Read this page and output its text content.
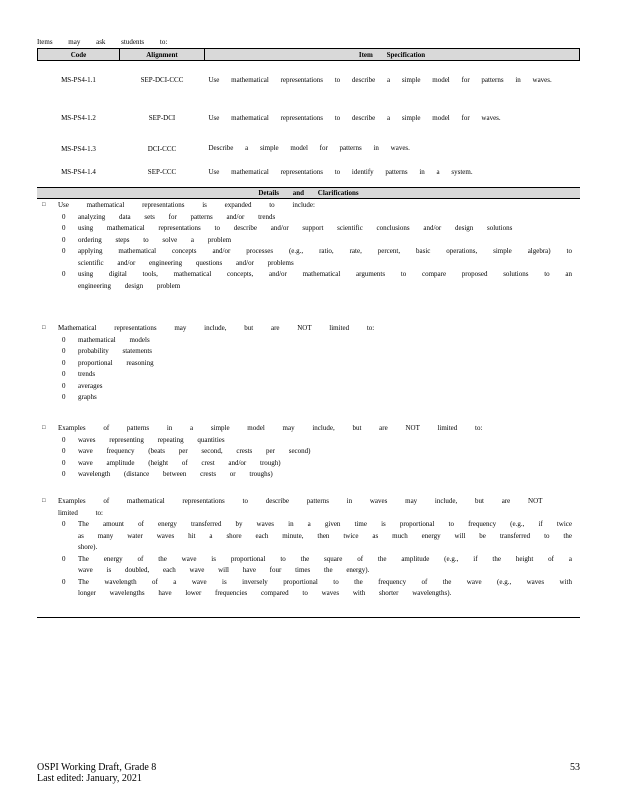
Items may ask students to:
Code	Alignment	Item Specification
MS-PS4-1.1	SEP-DCI-CCC	Use mathematical representations to describe a simple model for patterns in waves.
MS-PS4-1.2	SEP-DCI	Use mathematical representations to describe a simple model for waves.
MS-PS4-1.3	DCI-CCC	Describe a simple model for patterns in waves.
MS-PS4-1.4	SEP-CCC	Use mathematical representations to identify patterns in a system.
Details and Clarifications
□ Use mathematical representations is expanded to include:
0 analyzing data sets for patterns and/or trends
0 using mathematical representations to describe and/or support scientific conclusions and/or design solutions
0 ordering steps to solve a problem
0 applying mathematical concepts and/or processes (e.g., ratio, rate, percent, basic operations, simple algebra) to scientific and/or engineering questions and/or problems
0 using digital tools, mathematical concepts, and/or mathematical arguments to compare proposed solutions to an engineering design problem
□ Mathematical representations may include, but are NOT limited to:
0 mathematical models
0 probability statements
0 proportional reasoning
0 trends
0 averages
0 graphs
□ Examples of patterns in a simple model may include, but are NOT limited to:
0 waves representing repeating quantities
0 wave frequency (beats per second, crests per second)
0 wave amplitude (height of crest and/or trough)
0 wavelength (distance between crests or troughs)
□ Examples of mathematical representations to describe patterns in waves may include, but are NOT limited to:
0 The amount of energy transferred by waves in a given time is proportional to frequency (e.g., if twice as many water waves hit a shore each minute, then twice as much energy will be transferred to the shore).
0 The energy of the wave is proportional to the square of the amplitude (e.g., if the height of a wave is doubled, each wave will have four times the energy).
0 The wavelength of a wave is inversely proportional to the frequency of the wave (e.g., waves with longer wavelengths have lower frequencies compared to waves with shorter wavelengths).
OSPI Working Draft, Grade 8
Last edited: January, 2021
53
